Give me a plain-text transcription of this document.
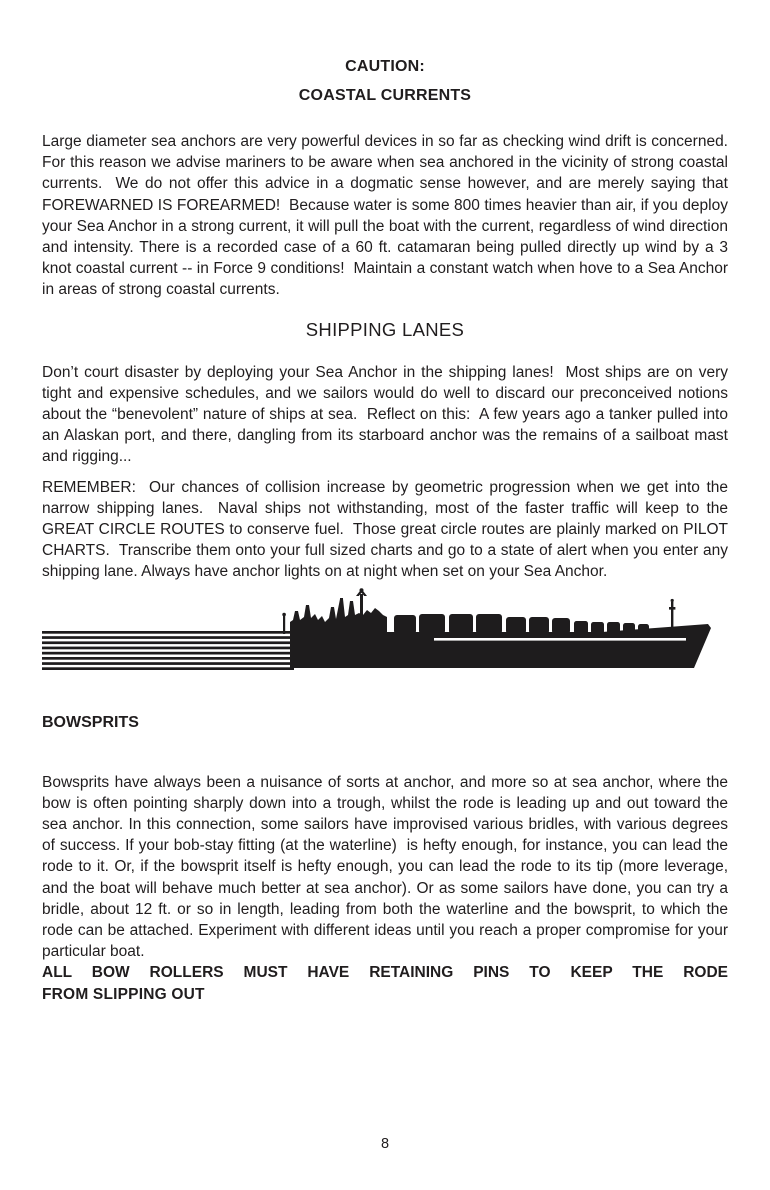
CAUTION:
COASTAL CURRENTS

Large diameter sea anchors are very powerful devices in so far as checking wind drift is concerned.  For this reason we advise mariners to be aware when sea anchored in the vicinity of strong coastal currents.  We do not offer this advice in a dogmatic sense however, and are merely saying that FOREWARNED IS FOREARMED!  Because water is some 800 times heavier than air, if you deploy your Sea Anchor in a strong current, it will pull the boat with the current, regardless of wind direction and intensity. There is a recorded case of a 60 ft. catamaran being pulled directly up wind by a 3 knot coastal current -- in Force 9 conditions!  Maintain a constant watch when hove to a Sea Anchor in areas of strong coastal currents.

SHIPPING LANES

Don’t court disaster by deploying your Sea Anchor in the shipping lanes!  Most ships are on very tight and expensive schedules, and we sailors would do well to discard our preconceived notions about the “benevolent” nature of ships at sea.  Reflect on this:  A few years ago a tanker pulled into an Alaskan port, and there, dangling from its starboard anchor was the remains of a sailboat mast and rigging...

REMEMBER:  Our chances of collision increase by geometric progression when we get into the narrow shipping lanes.  Naval ships not withstanding, most of the faster traffic will keep to the GREAT CIRCLE ROUTES to conserve fuel.  Those great circle routes are plainly marked on PILOT CHARTS.  Transcribe them onto your full sized charts and go to a state of alert when you enter any shipping lane. Always have anchor lights on at night when set on your Sea Anchor.

BOWSPRITS

Bowsprits have always been a nuisance of sorts at anchor, and more so at sea anchor, where the bow is often pointing sharply down into a trough, whilst the rode is leading up and out toward the sea anchor. In this connection, some sailors have improvised various bridles, with various degrees of success. If your bob-stay fitting (at the waterline)  is hefty enough, for instance, you can lead the rode to it. Or, if the bowsprit itself is hefty enough, you can lead the rode to its tip (more leverage, and the boat will behave much better at sea anchor). Or as some sailors have done, you can try a bridle, about 12 ft. or so in length, leading from both the waterline and the bowsprit, to which the rode can be attached. Experiment with different ideas until you reach a proper compromise for your particular boat.

ALL BOW ROLLERS MUST HAVE RETAINING PINS TO KEEP THE RODE
FROM SLIPPING OUT
8
